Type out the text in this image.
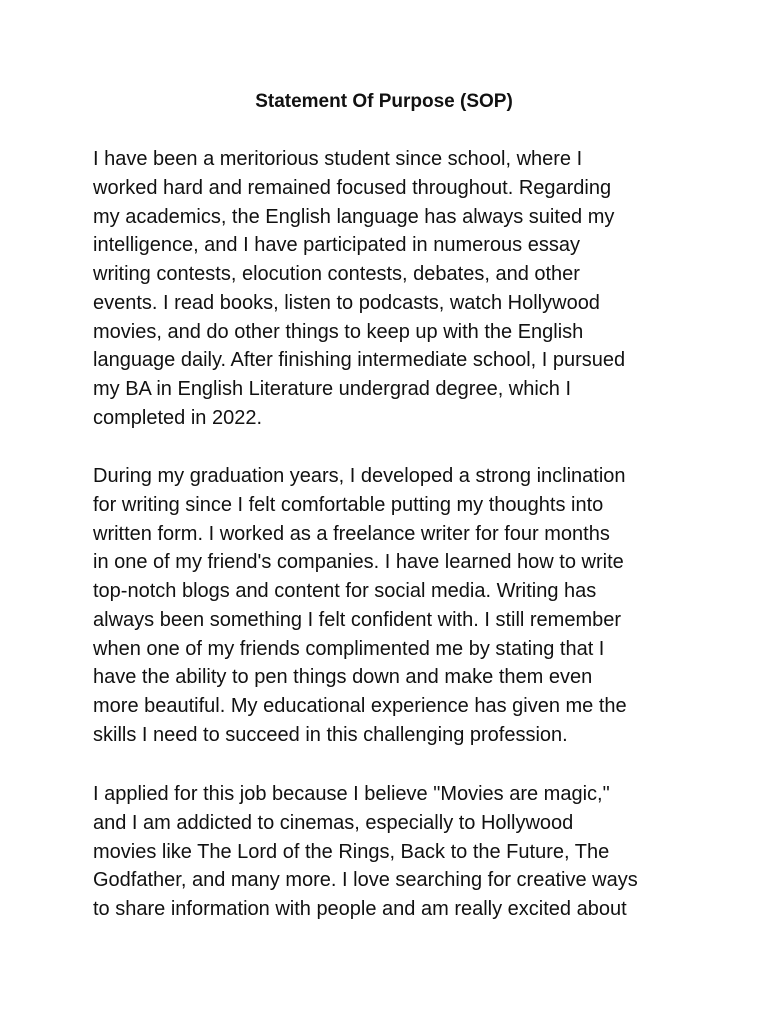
Statement Of Purpose (SOP)

I have been a meritorious student since school, where I
worked hard and remained focused throughout. Regarding
my academics, the English language has always suited my
intelligence, and I have participated in numerous essay
writing contests, elocution contests, debates, and other
events. I read books, listen to podcasts, watch Hollywood
movies, and do other things to keep up with the English
language daily. After finishing intermediate school, I pursued
my BA in English Literature undergrad degree, which I
completed in 2022.

During my graduation years, I developed a strong inclination
for writing since I felt comfortable putting my thoughts into
written form. I worked as a freelance writer for four months
in one of my friend's companies. I have learned how to write
top-notch blogs and content for social media. Writing has
always been something I felt confident with. I still remember
when one of my friends complimented me by stating that I
have the ability to pen things down and make them even
more beautiful. My educational experience has given me the
skills I need to succeed in this challenging profession.

I applied for this job because I believe "Movies are magic,"
and I am addicted to cinemas, especially to Hollywood
movies like The Lord of the Rings, Back to the Future, The
Godfather, and many more. I love searching for creative ways
to share information with people and am really excited about
